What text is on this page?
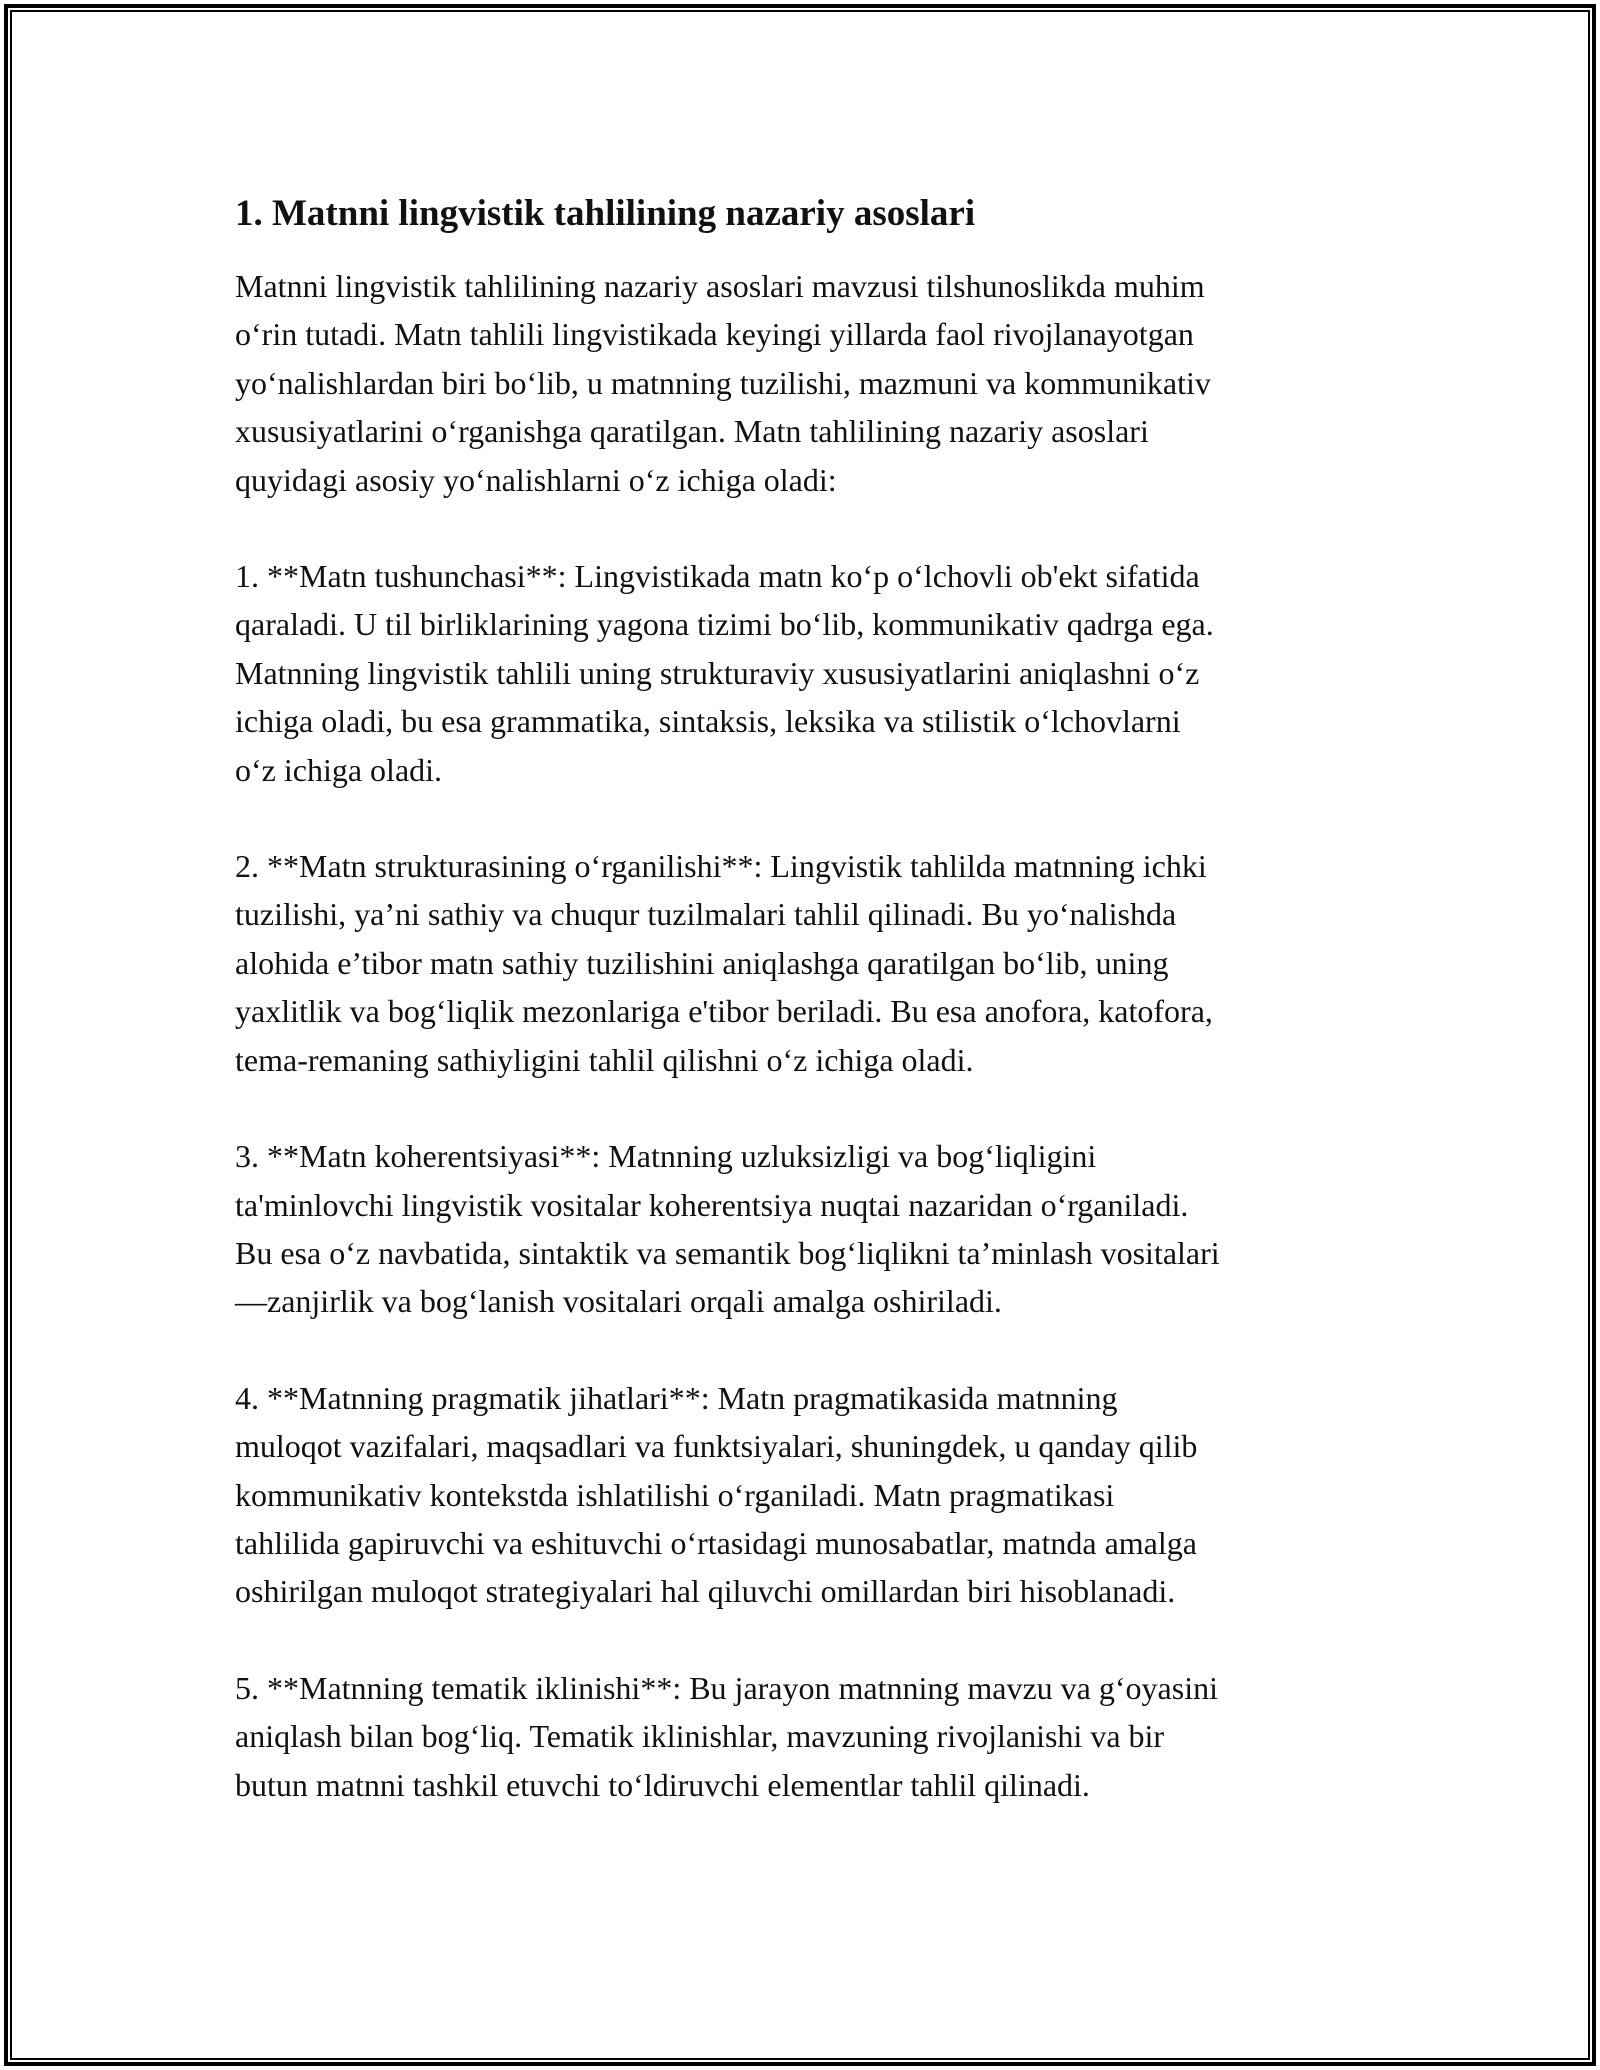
1. Matnni lingvistik tahlilining nazariy asoslari

Matnni lingvistik tahlilining nazariy asoslari mavzusi tilshunoslikda muhim
o‘rin tutadi. Matn tahlili lingvistikada keyingi yillarda faol rivojlanayotgan
yo‘nalishlardan biri bo‘lib, u matnning tuzilishi, mazmuni va kommunikativ
xususiyatlarini o‘rganishga qaratilgan. Matn tahlilining nazariy asoslari
quyidagi asosiy yo‘nalishlarni o‘z ichiga oladi:

1. **Matn tushunchasi**: Lingvistikada matn ko‘p o‘lchovli ob'ekt sifatida
qaraladi. U til birliklarining yagona tizimi bo‘lib, kommunikativ qadrga ega.
Matnning lingvistik tahlili uning strukturaviy xususiyatlarini aniqlashni o‘z
ichiga oladi, bu esa grammatika, sintaksis, leksika va stilistik o‘lchovlarni
o‘z ichiga oladi.

2. **Matn strukturasining o‘rganilishi**: Lingvistik tahlilda matnning ichki
tuzilishi, ya’ni sathiy va chuqur tuzilmalari tahlil qilinadi. Bu yo‘nalishda
alohida e’tibor matn sathiy tuzilishini aniqlashga qaratilgan bo‘lib, uning
yaxlitlik va bog‘liqlik mezonlariga e'tibor beriladi. Bu esa anofora, katofora,
tema-remaning sathiyligini tahlil qilishni o‘z ichiga oladi.

3. **Matn koherentsiyasi**: Matnning uzluksizligi va bog‘liqligini
ta'minlovchi lingvistik vositalar koherentsiya nuqtai nazaridan o‘rganiladi.
Bu esa o‘z navbatida, sintaktik va semantik bog‘liqlikni ta’minlash vositalari
—zanjirlik va bog‘lanish vositalari orqali amalga oshiriladi.

4. **Matnning pragmatik jihatlari**: Matn pragmatikasida matnning
muloqot vazifalari, maqsadlari va funktsiyalari, shuningdek, u qanday qilib
kommunikativ kontekstda ishlatilishi o‘rganiladi. Matn pragmatikasi
tahlilida gapiruvchi va eshituvchi o‘rtasidagi munosabatlar, matnda amalga
oshirilgan muloqot strategiyalari hal qiluvchi omillardan biri hisoblanadi.

5. **Matnning tematik iklinishi**: Bu jarayon matnning mavzu va g‘oyasini
aniqlash bilan bog‘liq. Tematik iklinishlar, mavzuning rivojlanishi va bir
butun matnni tashkil etuvchi to‘ldiruvchi elementlar tahlil qilinadi.
